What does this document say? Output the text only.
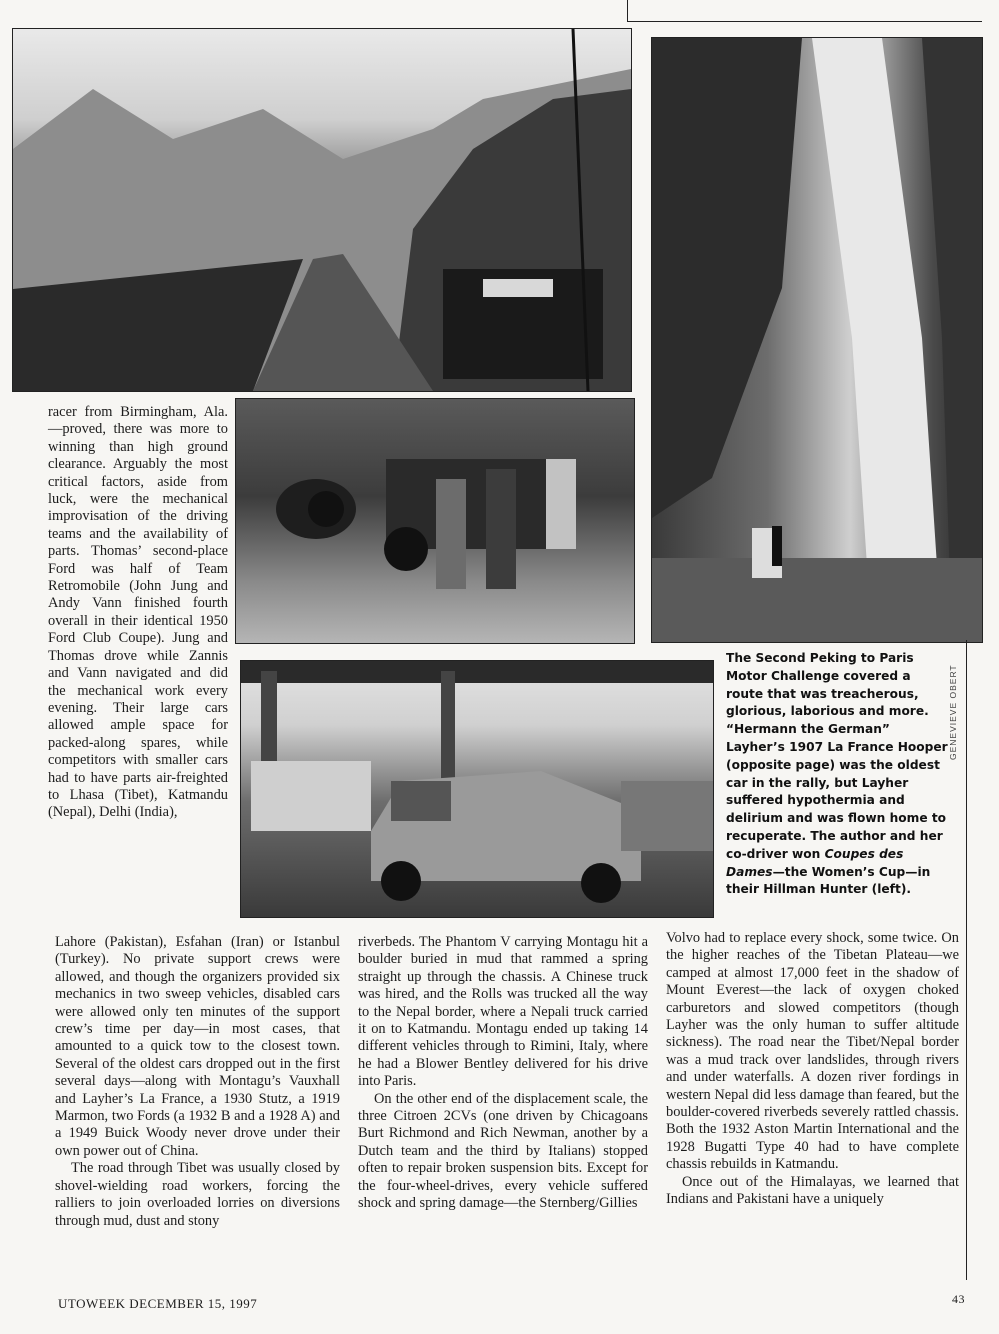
The Second Peking to Paris Motor Challenge covered a route that was treacherous, glorious, laborious and more. “Hermann the German” Layher’s 1907 La France Hooper (opposite page) was the oldest car in the rally, but Layher suffered hypothermia and delirium and was flown home to recuperate. The author and her co-driver won Coupes des Dames—the Women’s Cup—in their Hillman Hunter (left).
GENEVIEVE OBERT

racer from Birmingham, Ala.—proved, there was more to winning than high ground clearance. Arguably the most critical factors, aside from luck, were the mechanical improvisation of the driving teams and the availability of parts. Thomas’ second-place Ford was half of Team Retromobile (John Jung and Andy Vann finished fourth overall in their identical 1950 Ford Club Coupe). Jung and Thomas drove while Zannis and Vann navigated and did the mechanical work every evening. Their large cars allowed ample space for packed-along spares, while competitors with smaller cars had to have parts air-freighted to Lhasa (Tibet), Katmandu (Nepal), Delhi (India),

Lahore (Pakistan), Esfahan (Iran) or Istanbul (Turkey). No private support crews were allowed, and though the organizers provided six mechanics in two sweep vehicles, disabled cars were allowed only ten minutes of the support crew’s time per day—in most cases, that amounted to a quick tow to the closest town. Several of the oldest cars dropped out in the first several days—along with Montagu’s Vauxhall and Layher’s La France, a 1930 Stutz, a 1919 Marmon, two Fords (a 1932 B and a 1928 A) and a 1949 Buick Woody never drove under their own power out of China.

The road through Tibet was usually closed by shovel-wielding road workers, forcing the ralliers to join overloaded lorries on diversions through mud, dust and stony

riverbeds. The Phantom V carrying Montagu hit a boulder buried in mud that rammed a spring straight up through the chassis. A Chinese truck was hired, and the Rolls was trucked all the way to the Nepal border, where a Nepali truck carried it on to Katmandu. Montagu ended up taking 14 different vehicles through to Rimini, Italy, where he had a Blower Bentley delivered for his drive into Paris.

On the other end of the displacement scale, the three Citroen 2CVs (one driven by Chicagoans Burt Richmond and Rich Newman, another by a Dutch team and the third by Italians) stopped often to repair broken suspension bits. Except for the four-wheel-drives, every vehicle suffered shock and spring damage—the Sternberg/Gillies

Volvo had to replace every shock, some twice. On the higher reaches of the Tibetan Plateau—we camped at almost 17,000 feet in the shadow of Mount Everest—the lack of oxygen choked carburetors and slowed competitors (though Layher was the only human to suffer altitude sickness). The road near the Tibet/Nepal border was a mud track over landslides, through rivers and under waterfalls. A dozen river fordings in western Nepal did less damage than feared, but the boulder-covered riverbeds severely rattled chassis. Both the 1932 Aston Martin International and the 1928 Bugatti Type 40 had to have complete chassis rebuilds in Katmandu.

Once out of the Himalayas, we learned that Indians and Pakistani have a uniquely

UTOWEEK DECEMBER 15, 1997	43
